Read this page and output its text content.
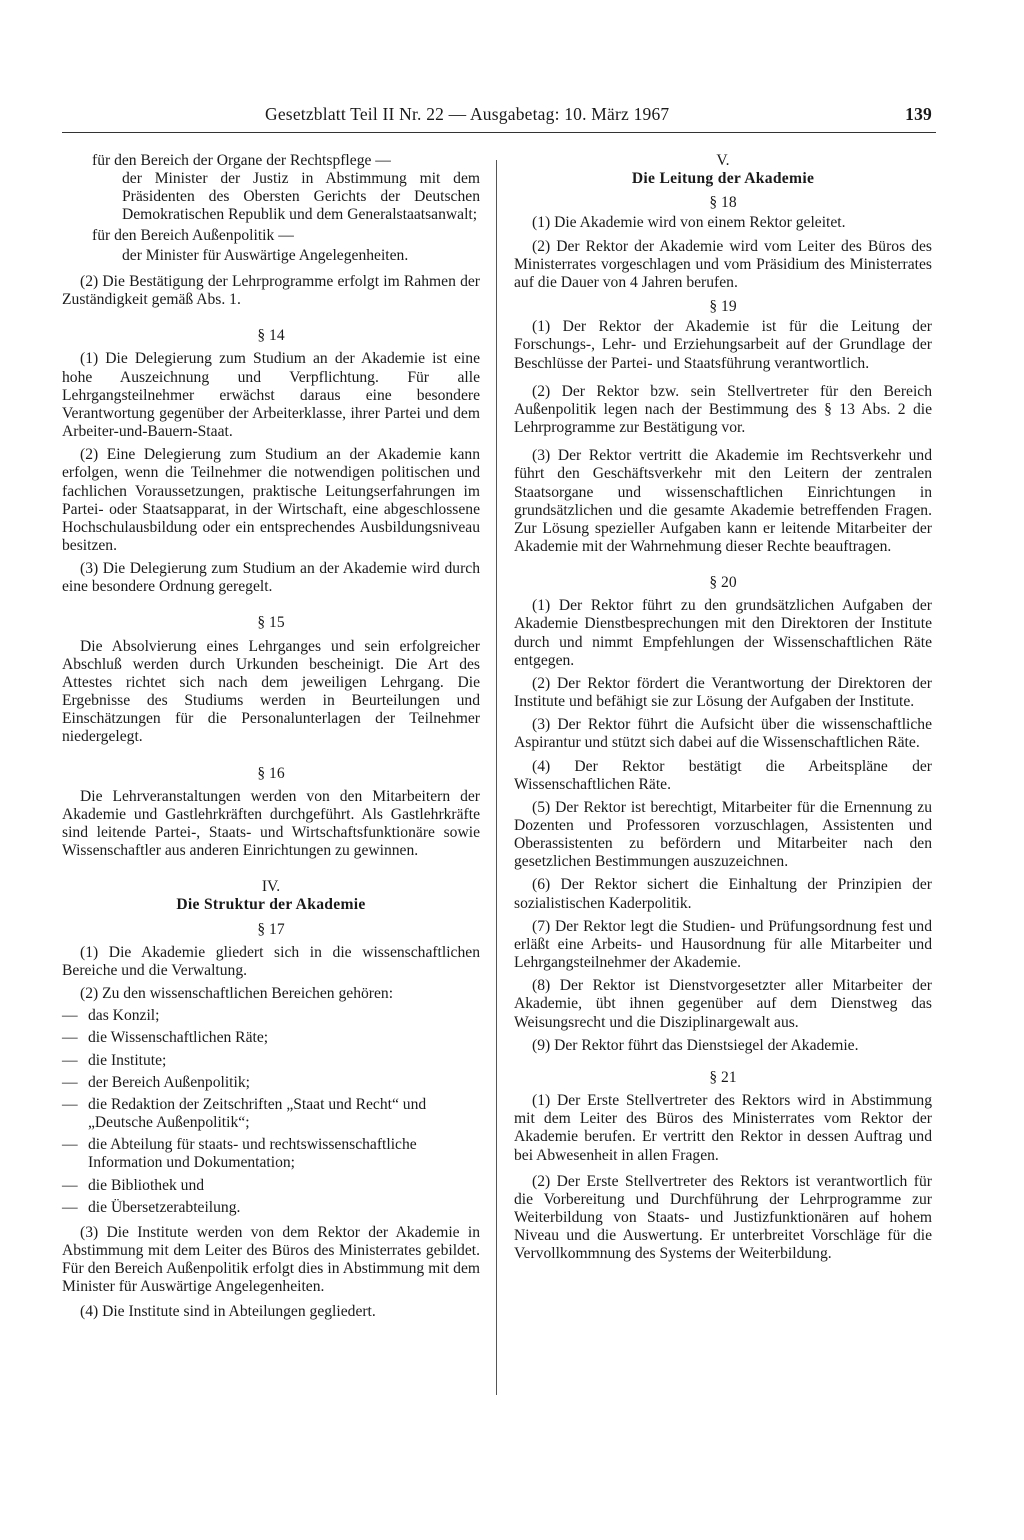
Gesetzblatt Teil II Nr. 22 — Ausgabetag: 10. März 1967	139

für den Bereich der Organe der Rechtspflege —

der Minister der Justiz in Abstimmung mit dem Präsidenten des Obersten Gerichts der Deutschen Demokratischen Republik und dem Generalstaatsanwalt;

für den Bereich Außenpolitik —

der Minister für Auswärtige Angelegenheiten.

(2) Die Bestätigung der Lehrprogramme erfolgt im Rahmen der Zuständigkeit gemäß Abs. 1.

§ 14

(1) Die Delegierung zum Studium an der Akademie ist eine hohe Auszeichnung und Verpflichtung. Für alle Lehrgangsteilnehmer erwächst daraus eine besondere Verantwortung gegenüber der Arbeiterklasse, ihrer Partei und dem Arbeiter-und-Bauern-Staat.

(2) Eine Delegierung zum Studium an der Akademie kann erfolgen, wenn die Teilnehmer die notwendigen politischen und fachlichen Voraussetzungen, praktische Leitungserfahrungen im Partei- oder Staatsapparat, in der Wirtschaft, eine abgeschlossene Hochschulausbildung oder ein entsprechendes Ausbildungsniveau besitzen.

(3) Die Delegierung zum Studium an der Akademie wird durch eine besondere Ordnung geregelt.

§ 15

Die Absolvierung eines Lehrganges und sein erfolgreicher Abschluß werden durch Urkunden bescheinigt. Die Art des Attestes richtet sich nach dem jeweiligen Lehrgang. Die Ergebnisse des Studiums werden in Beurteilungen und Einschätzungen für die Personalunterlagen der Teilnehmer niedergelegt.

§ 16

Die Lehrveranstaltungen werden von den Mitarbeitern der Akademie und Gastlehrkräften durchgeführt. Als Gastlehrkräfte sind leitende Partei-, Staats- und Wirtschaftsfunktionäre sowie Wissenschaftler aus anderen Einrichtungen zu gewinnen.

IV.
Die Struktur der Akademie
§ 17

(1) Die Akademie gliedert sich in die wissenschaftlichen Bereiche und die Verwaltung.

(2) Zu den wissenschaftlichen Bereichen gehören:

— das Konzil;
— die Wissenschaftlichen Räte;
— die Institute;
— der Bereich Außenpolitik;
— die Redaktion der Zeitschriften „Staat und Recht“ und „Deutsche Außenpolitik“;
— die Abteilung für staats- und rechtswissenschaftliche Information und Dokumentation;
— die Bibliothek und
— die Übersetzerabteilung.

(3) Die Institute werden von dem Rektor der Akademie in Abstimmung mit dem Leiter des Büros des Ministerrates gebildet. Für den Bereich Außenpolitik erfolgt dies in Abstimmung mit dem Minister für Auswärtige Angelegenheiten.

(4) Die Institute sind in Abteilungen gegliedert.

V.
Die Leitung der Akademie
§ 18

(1) Die Akademie wird von einem Rektor geleitet.

(2) Der Rektor der Akademie wird vom Leiter des Büros des Ministerrates vorgeschlagen und vom Präsidium des Ministerrates auf die Dauer von 4 Jahren berufen.

§ 19

(1) Der Rektor der Akademie ist für die Leitung der Forschungs-, Lehr- und Erziehungsarbeit auf der Grundlage der Beschlüsse der Partei- und Staatsführung verantwortlich.

(2) Der Rektor bzw. sein Stellvertreter für den Bereich Außenpolitik legen nach der Bestimmung des § 13 Abs. 2 die Lehrprogramme zur Bestätigung vor.

(3) Der Rektor vertritt die Akademie im Rechtsverkehr und führt den Geschäftsverkehr mit den Leitern der zentralen Staatsorgane und wissenschaftlichen Einrichtungen in grundsätzlichen und die gesamte Akademie betreffenden Fragen. Zur Lösung spezieller Aufgaben kann er leitende Mitarbeiter der Akademie mit der Wahrnehmung dieser Rechte beauftragen.

§ 20

(1) Der Rektor führt zu den grundsätzlichen Aufgaben der Akademie Dienstbesprechungen mit den Direktoren der Institute durch und nimmt Empfehlungen der Wissenschaftlichen Räte entgegen.

(2) Der Rektor fördert die Verantwortung der Direktoren der Institute und befähigt sie zur Lösung der Aufgaben der Institute.

(3) Der Rektor führt die Aufsicht über die wissenschaftliche Aspirantur und stützt sich dabei auf die Wissenschaftlichen Räte.

(4) Der Rektor bestätigt die Arbeitspläne der Wissenschaftlichen Räte.

(5) Der Rektor ist berechtigt, Mitarbeiter für die Ernennung zu Dozenten und Professoren vorzuschlagen, Assistenten und Oberassistenten zu befördern und Mitarbeiter nach den gesetzlichen Bestimmungen auszuzeichnen.

(6) Der Rektor sichert die Einhaltung der Prinzipien der sozialistischen Kaderpolitik.

(7) Der Rektor legt die Studien- und Prüfungsordnung fest und erläßt eine Arbeits- und Hausordnung für alle Mitarbeiter und Lehrgangsteilnehmer der Akademie.

(8) Der Rektor ist Dienstvorgesetzter aller Mitarbeiter der Akademie, übt ihnen gegenüber auf dem Dienstweg das Weisungsrecht und die Disziplinargewalt aus.

(9) Der Rektor führt das Dienstsiegel der Akademie.

§ 21

(1) Der Erste Stellvertreter des Rektors wird in Abstimmung mit dem Leiter des Büros des Ministerrates vom Rektor der Akademie berufen. Er vertritt den Rektor in dessen Auftrag und bei Abwesenheit in allen Fragen.

(2) Der Erste Stellvertreter des Rektors ist verantwortlich für die Vorbereitung und Durchführung der Lehrprogramme zur Weiterbildung von Staats- und Justizfunktionären auf hohem Niveau und die Auswertung. Er unterbreitet Vorschläge für die Vervollkommnung des Systems der Weiterbildung.
